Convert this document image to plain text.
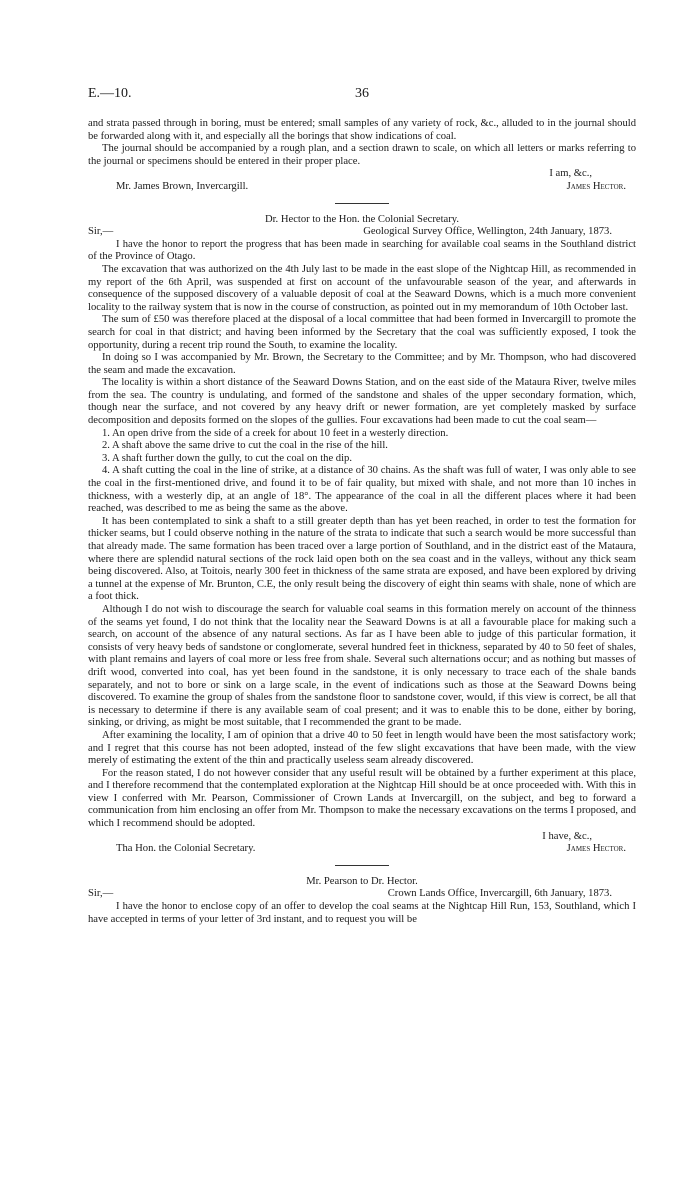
E.—10.	36

and strata passed through in boring, must be entered; small samples of any variety of rock, &c., alluded to in the journal should be forwarded along with it, and especially all the borings that show indications of coal.

The journal should be accompanied by a rough plan, and a section drawn to scale, on which all letters or marks referring to the journal or specimens should be entered in their proper place.

I am, &c.,

Mr. James Brown, Invercargill.	James Hector.

Dr. Hector to the Hon. the Colonial Secretary.

Sir,—	Geological Survey Office, Wellington, 24th January, 1873.

I have the honor to report the progress that has been made in searching for available coal seams in the Southland district of the Province of Otago.

The excavation that was authorized on the 4th July last to be made in the east slope of the Nightcap Hill, as recommended in my report of the 6th April, was suspended at first on account of the unfavourable season of the year, and afterwards in consequence of the supposed discovery of a valuable deposit of coal at the Seaward Downs, which is a much more convenient locality to the railway system that is now in the course of construction, as pointed out in my memorandum of 10th October last.

The sum of £50 was therefore placed at the disposal of a local committee that had been formed in Invercargill to promote the search for coal in that district; and having been informed by the Secretary that the coal was sufficiently exposed, I took the opportunity, during a recent trip round the South, to examine the locality.

In doing so I was accompanied by Mr. Brown, the Secretary to the Committee; and by Mr. Thompson, who had discovered the seam and made the excavation.

The locality is within a short distance of the Seaward Downs Station, and on the east side of the Mataura River, twelve miles from the sea. The country is undulating, and formed of the sandstone and shales of the upper secondary formation, which, though near the surface, and not covered by any heavy drift or newer formation, are yet completely masked by surface decomposition and deposits formed on the slopes of the gullies. Four excavations had been made to cut the coal seam—

1. An open drive from the side of a creek for about 10 feet in a westerly direction.

2. A shaft above the same drive to cut the coal in the rise of the hill.

3. A shaft further down the gully, to cut the coal on the dip.

4. A shaft cutting the coal in the line of strike, at a distance of 30 chains. As the shaft was full of water, I was only able to see the coal in the first-mentioned drive, and found it to be of fair quality, but mixed with shale, and not more than 10 inches in thickness, with a westerly dip, at an angle of 18°. The appearance of the coal in all the different places where it had been reached, was described to me as being the same as the above.

It has been contemplated to sink a shaft to a still greater depth than has yet been reached, in order to test the formation for thicker seams, but I could observe nothing in the nature of the strata to indicate that such a search would be more successful than that already made. The same formation has been traced over a large portion of Southland, and in the district east of the Mataura, where there are splendid natural sections of the rock laid open both on the sea coast and in the valleys, without any thick seam being discovered. Also, at Toitois, nearly 300 feet in thickness of the same strata are exposed, and have been explored by driving a tunnel at the expense of Mr. Brunton, C.E, the only result being the discovery of eight thin seams with shale, none of which are a foot thick.

Although I do not wish to discourage the search for valuable coal seams in this formation merely on account of the thinness of the seams yet found, I do not think that the locality near the Seaward Downs is at all a favourable place for making such a search, on account of the absence of any natural sections. As far as I have been able to judge of this particular formation, it consists of very heavy beds of sandstone or conglomerate, several hundred feet in thickness, separated by 40 to 50 feet of shales, with plant remains and layers of coal more or less free from shale. Several such alternations occur; and as nothing but masses of drift wood, converted into coal, has yet been found in the sandstone, it is only necessary to trace each of the shale bands separately, and not to bore or sink on a large scale, in the event of indications such as those at the Seaward Downs being discovered. To examine the group of shales from the sandstone floor to sandstone cover, would, if this view is correct, be all that is necessary to determine if there is any available seam of coal present; and it was to enable this to be done, either by boring, sinking, or driving, as might be most suitable, that I recommended the grant to be made.

After examining the locality, I am of opinion that a drive 40 to 50 feet in length would have been the most satisfactory work; and I regret that this course has not been adopted, instead of the few slight excavations that have been made, with the view merely of estimating the extent of the thin and practically useless seam already discovered.

For the reason stated, I do not however consider that any useful result will be obtained by a further experiment at this place, and I therefore recommend that the contemplated exploration at the Nightcap Hill should be at once proceeded with. With this in view I conferred with Mr. Pearson, Commissioner of Crown Lands at Invercargill, on the subject, and beg to forward a communication from him enclosing an offer from Mr. Thompson to make the necessary excavations on the terms I proposed, and which I recommend should be adopted.

I have, &c.,

Tha Hon. the Colonial Secretary.	James Hector.

Mr. Pearson to Dr. Hector.

Sir,—	Crown Lands Office, Invercargill, 6th January, 1873.

I have the honor to enclose copy of an offer to develop the coal seams at the Nightcap Hill Run, 153, Southland, which I have accepted in terms of your letter of 3rd instant, and to request you will be
